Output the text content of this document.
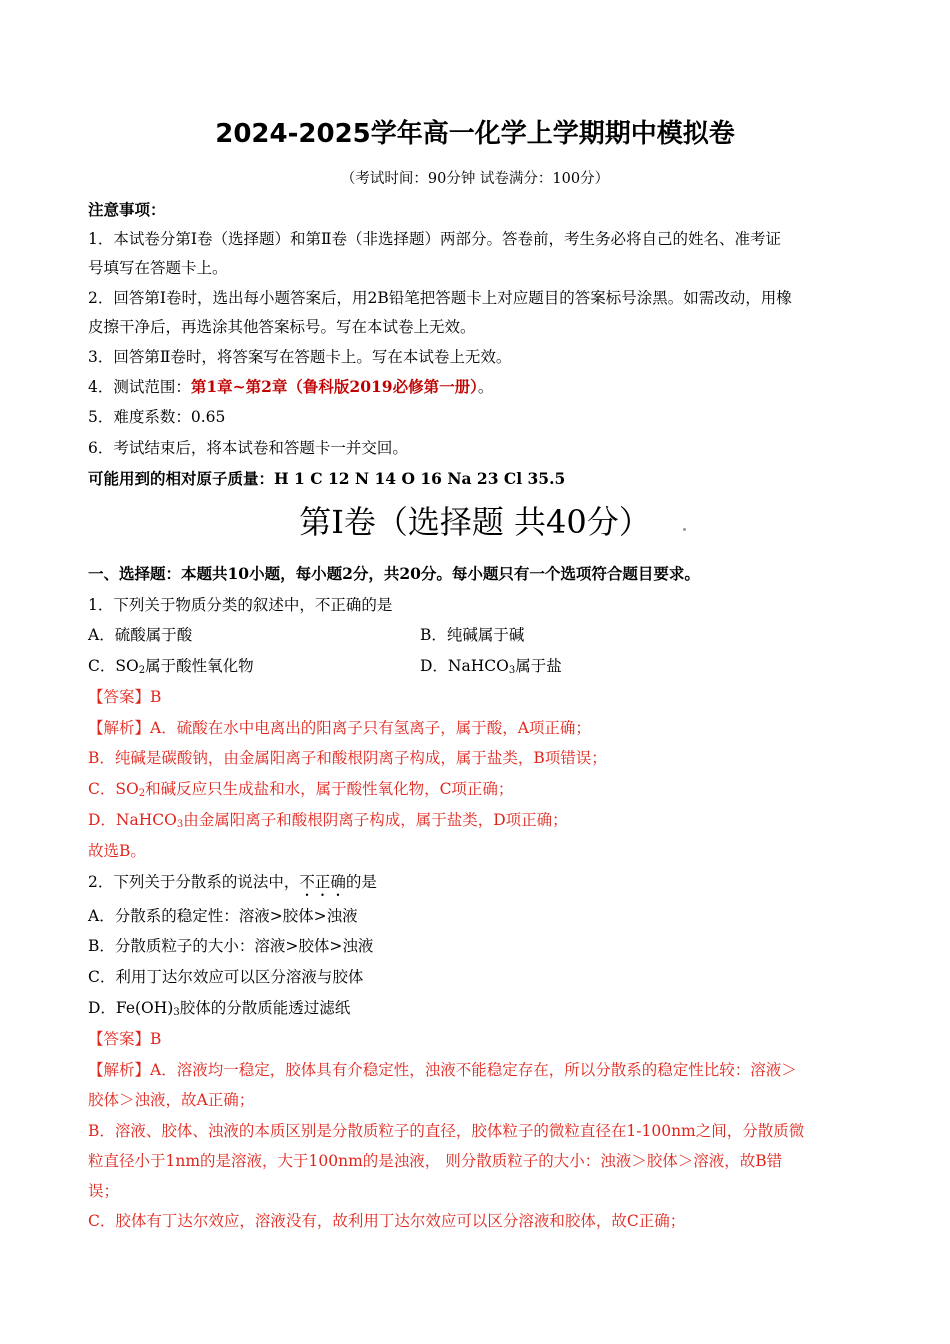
2024-2025学年高一化学上学期期中模拟卷
（考试时间：90分钟 试卷满分：100分）
注意事项：
1．本试卷分第Ⅰ卷（选择题）和第Ⅱ卷（非选择题）两部分。答卷前，考生务必将自己的姓名、准考证
号填写在答题卡上。
2．回答第Ⅰ卷时，选出每小题答案后，用2B铅笔把答题卡上对应题目的答案标号涂黑。如需改动，用橡
皮擦干净后，再选涂其他答案标号。写在本试卷上无效。
3．回答第Ⅱ卷时，将答案写在答题卡上。写在本试卷上无效。
4．测试范围：第1章~第2章（鲁科版2019必修第一册）。
5．难度系数：0.65
6．考试结束后，将本试卷和答题卡一并交回。
可能用到的相对原子质量：H 1 C 12 N 14 O 16 Na 23 Cl 35.5
第Ⅰ卷（选择题 共40分）
一、选择题：本题共10小题，每小题2分，共20分。每小题只有一个选项符合题目要求。
1．下列关于物质分类的叙述中，不正确的是
A．硫酸属于酸	B．纯碱属于碱
C．$SO_2$属于酸性氧化物	D．NaHCO$_3$属于盐
【答案】B
【解析】A．硫酸在水中电离出的阳离子只有氢离子，属于酸，A项正确；
B．纯碱是碳酸钠，由金属阳离子和酸根阴离子构成，属于盐类，B项错误；
C．$SO_2$和碱反应只生成盐和水，属于酸性氧化物，C项正确；
D．NaHCO$_3$由金属阳离子和酸根阴离子构成，属于盐类，D项正确；
故选B。
2．下列关于分散系的说法中，不正确的是
A．分散系的稳定性：溶液>胶体>浊液
B．分散质粒子的大小：溶液>胶体>浊液
C．利用丁达尔效应可以区分溶液与胶体
D．$Fe(OH)_3$胶体的分散质能透过滤纸
【答案】B
【解析】A．溶液均一稳定，胶体具有介稳定性，浊液不能稳定存在，所以分散系的稳定性比较：溶液＞
胶体＞浊液，故A正确；
B．溶液、胶体、浊液的本质区别是分散质粒子的直径，胶体粒子的微粒直径在1-100nm之间，分散质微
粒直径小于1nm的是溶液，大于100nm的是浊液， 则分散质粒子的大小：浊液＞胶体＞溶液，故B错
误；
C．胶体有丁达尔效应，溶液没有，故利用丁达尔效应可以区分溶液和胶体，故C正确；
